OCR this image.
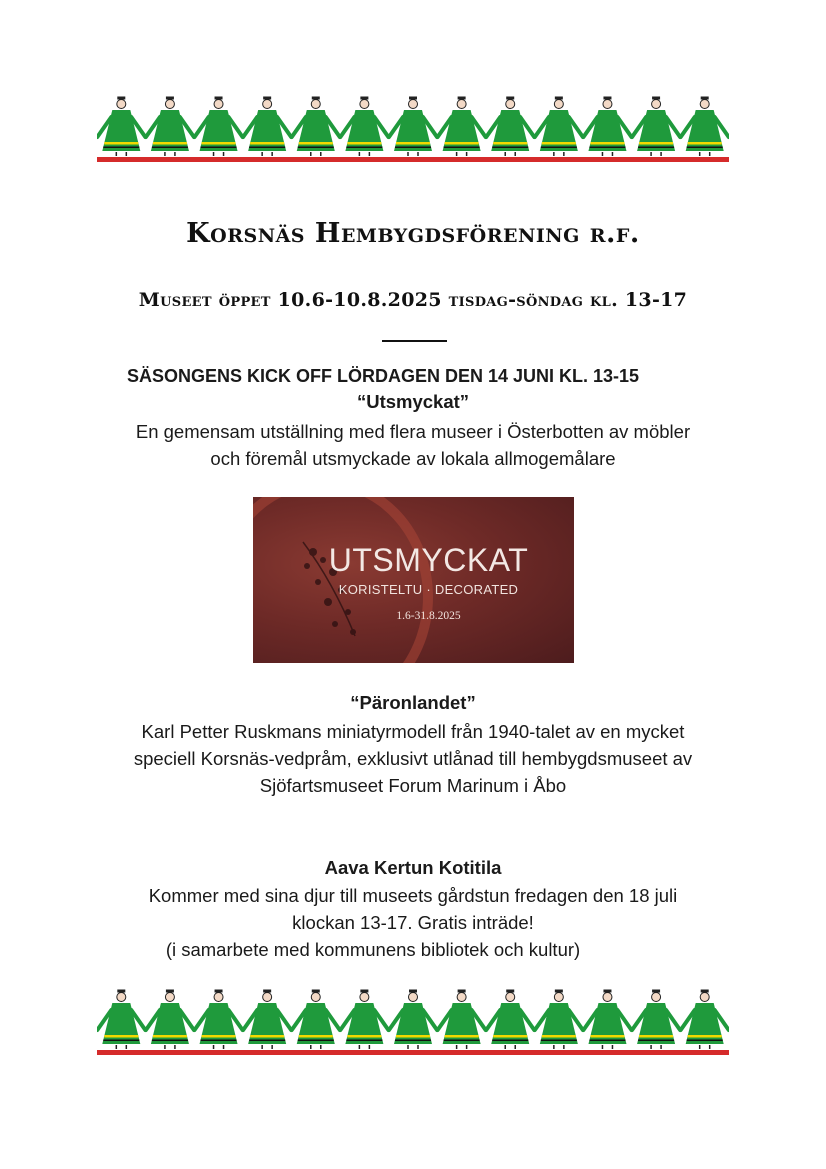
Korsnäs Hembygdsförening r.f.
Museet öppet 10.6-10.8.2025 tisdag-söndag kl. 13-17
SÄSONGENS KICK OFF LÖRDAGEN DEN 14 JUNI KL. 13-15
“Utsmyckat”
En gemensam utställning med flera museer i Österbotten av möbler
och föremål utsmyckade av lokala allmogemålare
UTSMYCKAT
KORISTELTU · DECORATED
1.6-31.8.2025
“Päronlandet”
Karl Petter Ruskmans miniatyrmodell från 1940-talet av en mycket
speciell Korsnäs-vedpråm, exklusivt utlånad till hembygdsmuseet av
Sjöfartsmuseet Forum Marinum i Åbo
Aava Kertun Kotitila
Kommer med sina djur till museets gårdstun fredagen den 18 juli
klockan 13-17. Gratis inträde!
(i samarbete med kommunens bibliotek och kultur)
